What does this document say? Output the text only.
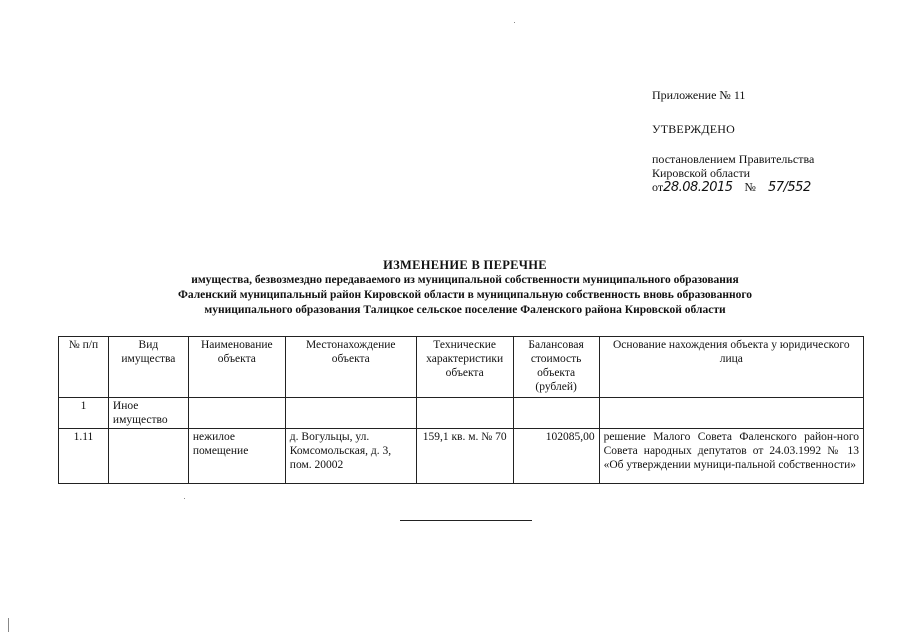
Приложение № 11
УТВЕРЖДЕНО
постановлением Правительства
Кировской области
от28.08.2015 № 57/552
ИЗМЕНЕНИЕ В ПЕРЕЧНЕ
имущества, безвозмездно передаваемого из муниципальной собственности муниципального образования
Фаленский муниципальный район Кировской области в муниципальную собственность вновь образованного
муниципального образования Талицкое сельское поселение Фаленского района Кировской области
№ п/п	Вид имущества	Наименование объекта	Местонахождение объекта	Технические характеристики объекта	Балансовая стоимость объекта (рублей)	Основание нахождения объекта у юридического лица
1	Иное имущество					
1.11		нежилое помещение	д. Вогульцы, ул. Комсомольская, д. 3, пом. 20002	159,1 кв. м. № 70	102085,00	решение Малого Совета Фаленского район-ного Совета народных депутатов от 24.03.1992 № 13 «Об утверждении муници-пальной собственности»
